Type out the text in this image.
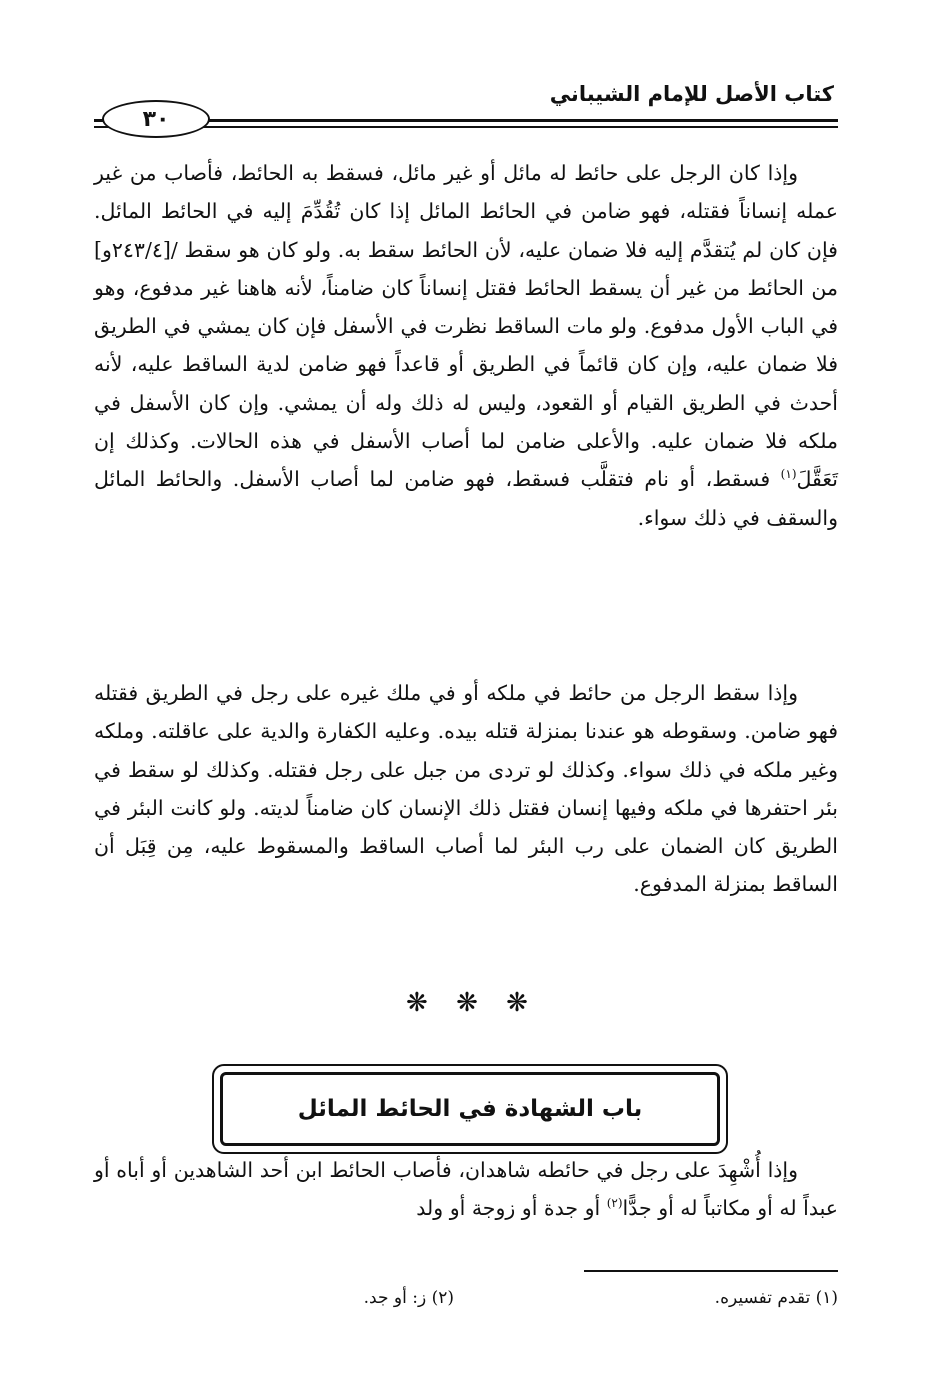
كتاب الأصل للإمام الشيباني
٣٠

وإذا كان الرجل على حائط له مائل أو غير مائل، فسقط به الحائط، فأصاب من غير عمله إنساناً فقتله، فهو ضامن في الحائط المائل إذا كان تُقُدِّمَ إليه في الحائط المائل. فإن كان لم يُتقدَّم إليه فلا ضمان عليه، لأن الحائط سقط به. ولو كان هو سقط /[٢٤٣/٤و] من الحائط من غير أن يسقط الحائط فقتل إنساناً كان ضامناً، لأنه هاهنا غير مدفوع، وهو في الباب الأول مدفوع. ولو مات الساقط نظرت في الأسفل فإن كان يمشي في الطريق فلا ضمان عليه، وإن كان قائماً في الطريق أو قاعداً فهو ضامن لدية الساقط عليه، لأنه أحدث في الطريق القيام أو القعود، وليس له ذلك وله أن يمشي. وإن كان الأسفل في ملكه فلا ضمان عليه. والأعلى ضامن لما أصاب الأسفل في هذه الحالات. وكذلك إن تَعَقَّلَ$^{(١)}$ فسقط، أو نام فتقلَّب فسقط، فهو ضامن لما أصاب الأسفل. والحائط المائل والسقف في ذلك سواء.

وإذا سقط الرجل من حائط في ملكه أو في ملك غيره على رجل في الطريق فقتله فهو ضامن. وسقوطه هو عندنا بمنزلة قتله بيده. وعليه الكفارة والدية على عاقلته. وملكه وغير ملكه في ذلك سواء. وكذلك لو تردى من جبل على رجل فقتله. وكذلك لو سقط في بئر احتفرها في ملكه وفيها إنسان فقتل ذلك الإنسان كان ضامناً لديته. ولو كانت البئر في الطريق كان الضمان على رب البئر لما أصاب الساقط والمسقوط عليه، مِن قِبَل أن الساقط بمنزلة المدفوع.

❋ ❋ ❋
باب الشهادة في الحائط المائل

وإذا أُشْهِدَ على رجل في حائطه شاهدان، فأصاب الحائط ابن أحد الشاهدين أو أباه أو عبداً له أو مكاتباً له أو جدًّا$^{(٢)}$ أو جدة أو زوجة أو ولد

(١) تقدم تفسيره.
(٢) ز: أو جد.
